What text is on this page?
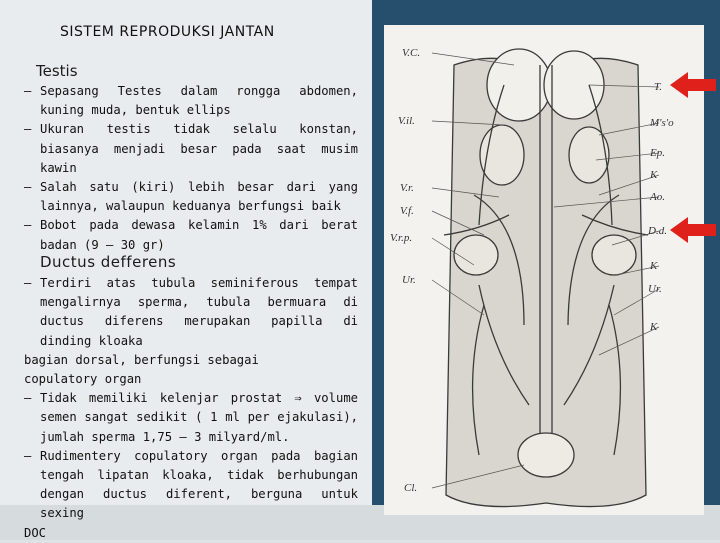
SISTEM REPRODUKSI JANTAN
Testis
– Sepasang Testes dalam rongga abdomen, kuning muda, bentuk ellips
– Ukuran testis tidak selalu konstan, biasanya menjadi besar pada saat musim kawin
– Salah satu (kiri) lebih besar dari yang lainnya, walaupun keduanya berfungsi baik
– Bobot pada dewasa kelamin 1% dari berat badan (9 – 30 gr)
Ductus defferens
– Terdiri atas tubula seminiferous tempat mengalirnya sperma, tubula bermuara di ductus diferens merupakan papilla di dinding kloaka
bagian dorsal, berfungsi sebagai
copulatory organ
– Tidak memiliki kelenjar prostat ⇒ volume semen sangat sedikit ( 1 ml per ejakulasi), jumlah sperma 1,75 – 3 milyard/ml.
– Rudimentery copulatory organ pada bagian tengah lipatan kloaka, tidak berhubungan dengan ductus diferent, berguna untuk sexing
DOC
V.C.
T.
V.il.	M's'o
Ep.
K
V.r.
Ao.
V.f.
D.d.
V.r.p.
K
Ur.
Ur.
K
Cl.
